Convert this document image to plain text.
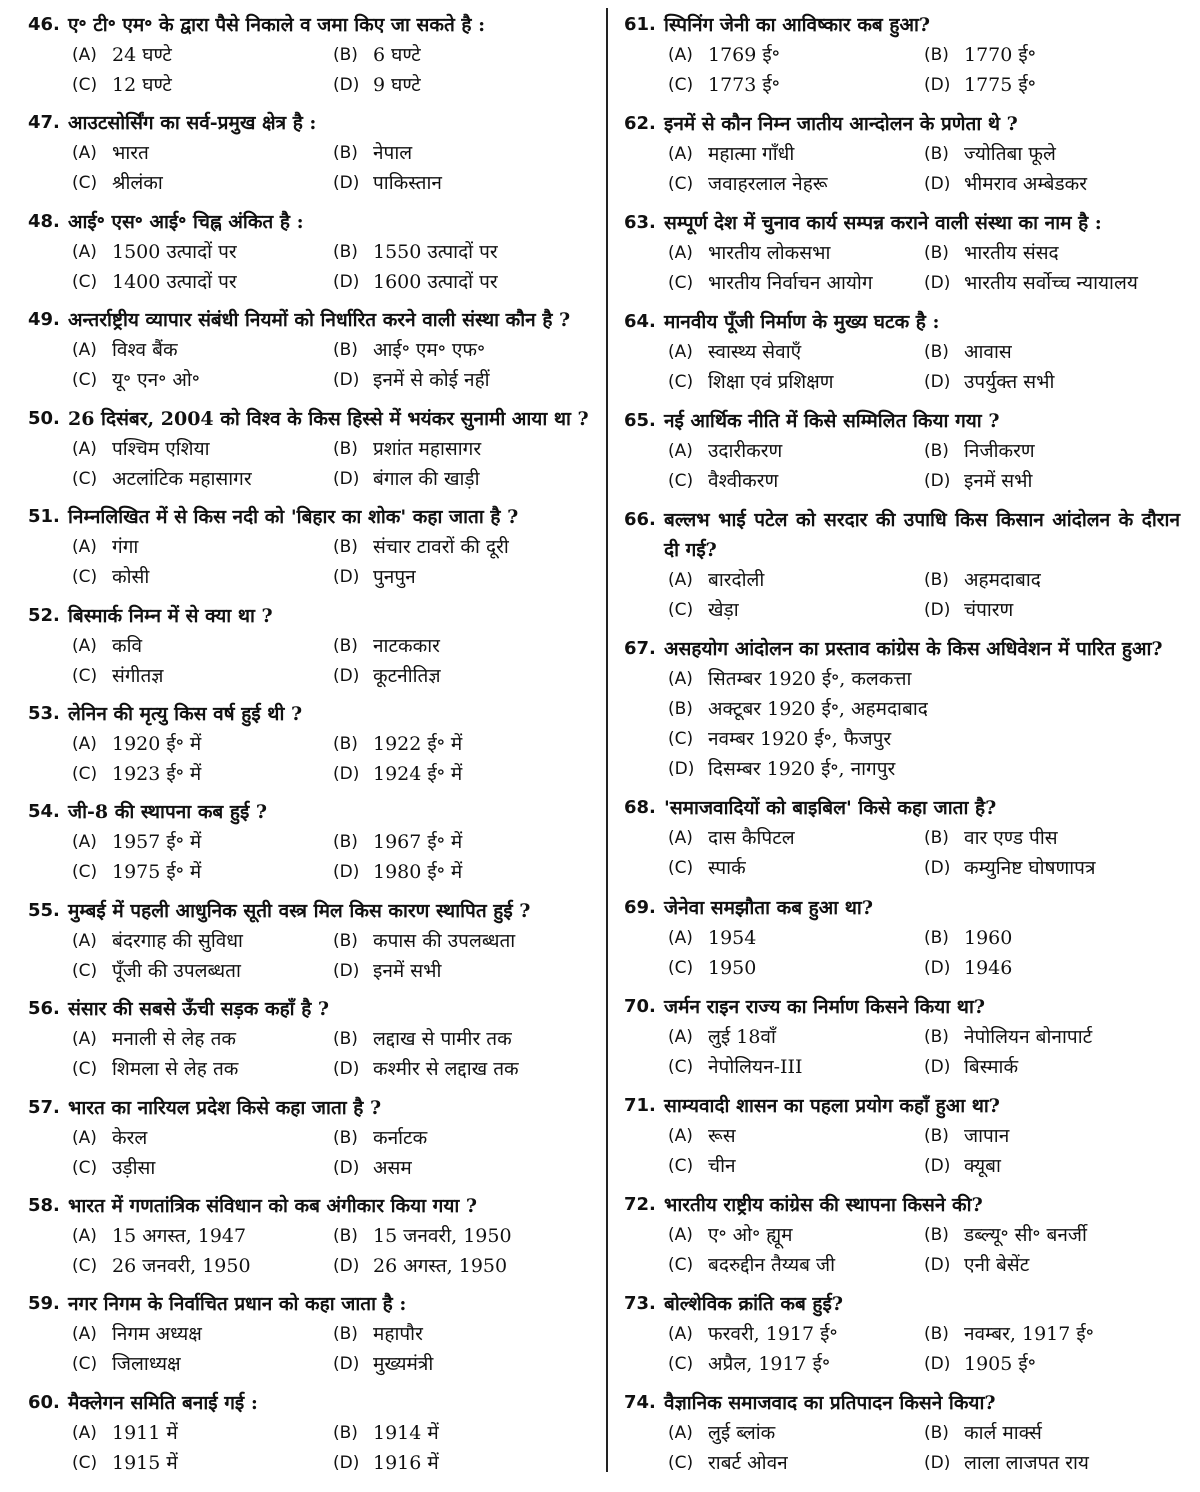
46. ए॰ टी॰ एम॰ के द्वारा पैसे निकाले व जमा किए जा सकते है :
(A) 24 घण्टे	(B) 6 घण्टे
(C) 12 घण्टे	(D) 9 घण्टे
47. आउटसोर्सिंग का सर्व-प्रमुख क्षेत्र है :
(A) भारत	(B) नेपाल
(C) श्रीलंका	(D) पाकिस्तान
48. आई॰ एस॰ आई॰ चिह्न अंकित है :
(A) 1500 उत्पादों पर	(B) 1550 उत्पादों पर
(C) 1400 उत्पादों पर	(D) 1600 उत्पादों पर
49. अन्तर्राष्ट्रीय व्यापार संबंधी नियमों को निर्धारित करने वाली संस्था कौन है ?
(A) विश्व बैंक	(B) आई॰ एम॰ एफ॰
(C) यू॰ एन॰ ओ॰	(D) इनमें से कोई नहीं
50. 26 दिसंबर, 2004 को विश्व के किस हिस्से में भयंकर सुनामी आया था ?
(A) पश्चिम एशिया	(B) प्रशांत महासागर
(C) अटलांटिक महासागर	(D) बंगाल की खाड़ी
51. निम्नलिखित में से किस नदी को 'बिहार का शोक' कहा जाता है ?
(A) गंगा	(B) संचार टावरों की दूरी
(C) कोसी	(D) पुनपुन
52. बिस्मार्क निम्न में से क्या था ?
(A) कवि	(B) नाटककार
(C) संगीतज्ञ	(D) कूटनीतिज्ञ
53. लेनिन की मृत्यु किस वर्ष हुई थी ?
(A) 1920 ई॰ में	(B) 1922 ई॰ में
(C) 1923 ई॰ में	(D) 1924 ई॰ में
54. जी-8 की स्थापना कब हुई ?
(A) 1957 ई॰ में	(B) 1967 ई॰ में
(C) 1975 ई॰ में	(D) 1980 ई॰ में
55. मुम्बई में पहली आधुनिक सूती वस्त्र मिल किस कारण स्थापित हुई ?
(A) बंदरगाह की सुविधा	(B) कपास की उपलब्धता
(C) पूँजी की उपलब्धता	(D) इनमें सभी
56. संसार की सबसे ऊँची सड़क कहाँ है ?
(A) मनाली से लेह तक	(B) लद्दाख से पामीर तक
(C) शिमला से लेह तक	(D) कश्मीर से लद्दाख तक
57. भारत का नारियल प्रदेश किसे कहा जाता है ?
(A) केरल	(B) कर्नाटक
(C) उड़ीसा	(D) असम
58. भारत में गणतांत्रिक संविधान को कब अंगीकार किया गया ?
(A) 15 अगस्त, 1947	(B) 15 जनवरी, 1950
(C) 26 जनवरी, 1950	(D) 26 अगस्त, 1950
59. नगर निगम के निर्वाचित प्रधान को कहा जाता है :
(A) निगम अध्यक्ष	(B) महापौर
(C) जिलाध्यक्ष	(D) मुख्यमंत्री
60. मैक्लेगन समिति बनाई गई :
(A) 1911 में	(B) 1914 में
(C) 1915 में	(D) 1916 में
61. स्पिनिंग जेनी का आविष्कार कब हुआ?
(A) 1769 ई॰	(B) 1770 ई॰
(C) 1773 ई॰	(D) 1775 ई॰
62. इनमें से कौन निम्न जातीय आन्दोलन के प्रणेता थे ?
(A) महात्मा गाँधी	(B) ज्योतिबा फूले
(C) जवाहरलाल नेहरू	(D) भीमराव अम्बेडकर
63. सम्पूर्ण देश में चुनाव कार्य सम्पन्न कराने वाली संस्था का नाम है :
(A) भारतीय लोकसभा	(B) भारतीय संसद
(C) भारतीय निर्वाचन आयोग	(D) भारतीय सर्वोच्च न्यायालय
64. मानवीय पूँजी निर्माण के मुख्य घटक है :
(A) स्वास्थ्य सेवाएँ	(B) आवास
(C) शिक्षा एवं प्रशिक्षण	(D) उपर्युक्त सभी
65. नई आर्थिक नीति में किसे सम्मिलित किया गया ?
(A) उदारीकरण	(B) निजीकरण
(C) वैश्वीकरण	(D) इनमें सभी
66. बल्लभ भाई पटेल को सरदार की उपाधि किस किसान आंदोलन के दौरान दी गई?
(A) बारदोली	(B) अहमदाबाद
(C) खेड़ा	(D) चंपारण
67. असहयोग आंदोलन का प्रस्ताव कांग्रेस के किस अधिवेशन में पारित हुआ?
(A) सितम्बर 1920 ई॰, कलकत्ता
(B) अक्टूबर 1920 ई॰, अहमदाबाद
(C) नवम्बर 1920 ई॰, फैजपुर
(D) दिसम्बर 1920 ई॰, नागपुर
68. 'समाजवादियों को बाइबिल' किसे कहा जाता है?
(A) दास कैपिटल	(B) वार एण्ड पीस
(C) स्पार्क	(D) कम्युनिष्ट घोषणापत्र
69. जेनेवा समझौता कब हुआ था?
(A) 1954	(B) 1960
(C) 1950	(D) 1946
70. जर्मन राइन राज्य का निर्माण किसने किया था?
(A) लुई 18वाँ	(B) नेपोलियन बोनापार्ट
(C) नेपोलियन-III	(D) बिस्मार्क
71. साम्यवादी शासन का पहला प्रयोग कहाँ हुआ था?
(A) रूस	(B) जापान
(C) चीन	(D) क्यूबा
72. भारतीय राष्ट्रीय कांग्रेस की स्थापना किसने की?
(A) ए॰ ओ॰ ह्यूम	(B) डब्ल्यू॰ सी॰ बनर्जी
(C) बदरुद्दीन तैय्यब जी	(D) एनी बेसेंट
73. बोल्शेविक क्रांति कब हुई?
(A) फरवरी, 1917 ई॰	(B) नवम्बर, 1917 ई॰
(C) अप्रैल, 1917 ई॰	(D) 1905 ई॰
74. वैज्ञानिक समाजवाद का प्रतिपादन किसने किया?
(A) लुई ब्लांक	(B) कार्ल मार्क्स
(C) राबर्ट ओवन	(D) लाला लाजपत राय
